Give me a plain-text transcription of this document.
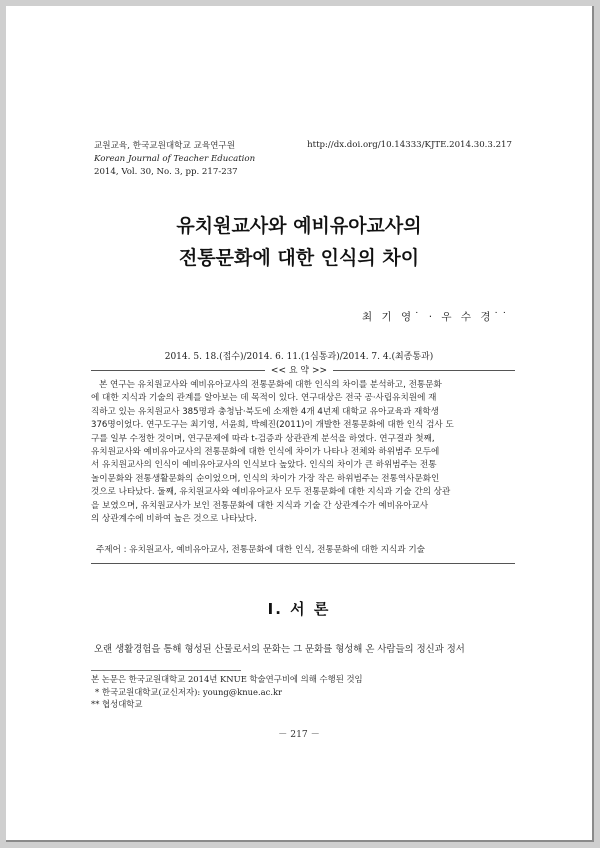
교원교육, 한국교원대학교 교육연구원
Korean Journal of Teacher Education
2014, Vol. 30, No. 3, pp. 217-237
http://dx.doi.org/10.14333/KJTE.2014.30.3.217
유치원교사와 예비유아교사의
전통문화에 대한 인식의 차이
최 기 영˙ · 우 수 경˙˙
2014. 5. 18.(접수)/2014. 6. 11.(1심통과)/2014. 7. 4.(최종통과)
<< 요 약 >>
본 연구는 유치원교사와 예비유아교사의 전통문화에 대한 인식의 차이를 분석하고, 전통문화
에 대한 지식과 기술의 관계를 알아보는 데 목적이 있다. 연구대상은 전국 공·사립유치원에 재
직하고 있는 유치원교사 385명과 충청남·북도에 소재한 4개 4년제 대학교 유아교육과 재학생
376명이었다. 연구도구는 최기영, 서윤희, 박혜진(2011)이 개발한 전통문화에 대한 인식 검사 도
구를 일부 수정한 것이며, 연구문제에 따라 t-검증과 상관관계 분석을 하였다. 연구결과 첫째,
유치원교사와 예비유아교사의 전통문화에 대한 인식에 차이가 나타나 전체와 하위범주 모두에
서 유치원교사의 인식이 예비유아교사의 인식보다 높았다. 인식의 차이가 큰 하위범주는 전통
놀이문화와 전통생활문화의 순이었으며, 인식의 차이가 가장 작은 하위범주는 전통역사문화인
것으로 나타났다. 둘째, 유치원교사와 예비유아교사 모두 전통문화에 대한 지식과 기술 간의 상관
을 보였으며, 유치원교사가 보인 전통문화에 대한 지식과 기술 간 상관계수가 예비유아교사
의 상관계수에 비하여 높은 것으로 나타났다.
주제어 : 유치원교사, 예비유아교사, 전통문화에 대한 인식, 전통문화에 대한 지식과 기술
Ⅰ. 서 론
오랜 생활경험을 통해 형성된 산물로서의 문화는 그 문화를 형성해 온 사람들의 정신과 정서
본 논문은 한국교원대학교 2014년 KNUE 학술연구비에 의해 수행된 것임
* 한국교원대학교(교신저자): young@knue.ac.kr
** 협성대학교
－ 217 －
